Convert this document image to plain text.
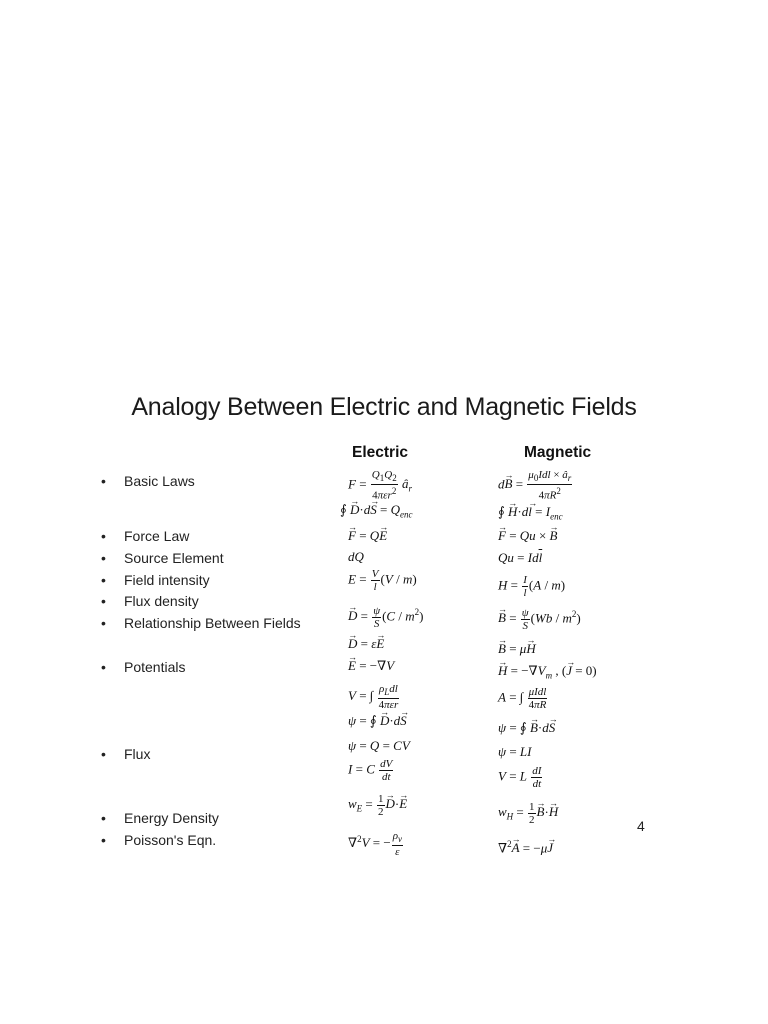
Analogy Between Electric and Magnetic Fields
Electric	Magnetic
• Basic Laws
• Force Law
• Source Element
• Field intensity
• Flux density
• Relationship Between Fields
• Potentials
• Flux
• Energy Density
• Poisson's Eqn.
$F = \frac{Q_1Q_2}{4\pi\varepsilon r^2}$ $â_r$
∮ → $D\cdot d\to S = Q_{enc}$
→ F = Q→ E
dQ
$E = \frac{V}{l} (V / m)$
→ $D = \frac{\psi}{S} (C / m^2)$
→ D = ε→ E
→ E = −∇V
V = ∫ $\frac{\rho_Ldl}{\text{4πεr}}$
ψ = ∮ → D·d→ S
ψ = Q = CV
I = C $\frac{dV}{dt}$
$w_E = \frac{1}{2} \to D\cdot\to E$
∇$^2$V = − $\frac{\rho_v}{\varepsilon}$
$d\to B = \frac{\mu_0Idl \times â_r}{4\pi R^2}$
∮ → $H\cdot d\to l = I_{enc}$
→ F = Qu × → B
$Qu = Id\overline{l}$
$H = \frac{I}{l} (A / m)$
→ $B = \frac{\psi}{S} (Wb / m^2)$
→ B = μ→ H
→ $H = -\nabla V_m$ , (→ J = 0)
A = ∫ $\frac{\text{μIdl}}{4\pi R}$
ψ = ∮ → B·d→ S
ψ = LI
V = L $\frac{dI}{dt}$
$w_H = \frac{1}{2} \to B\cdot\to H$
∇$^2$→ A = −μ→ J
4
